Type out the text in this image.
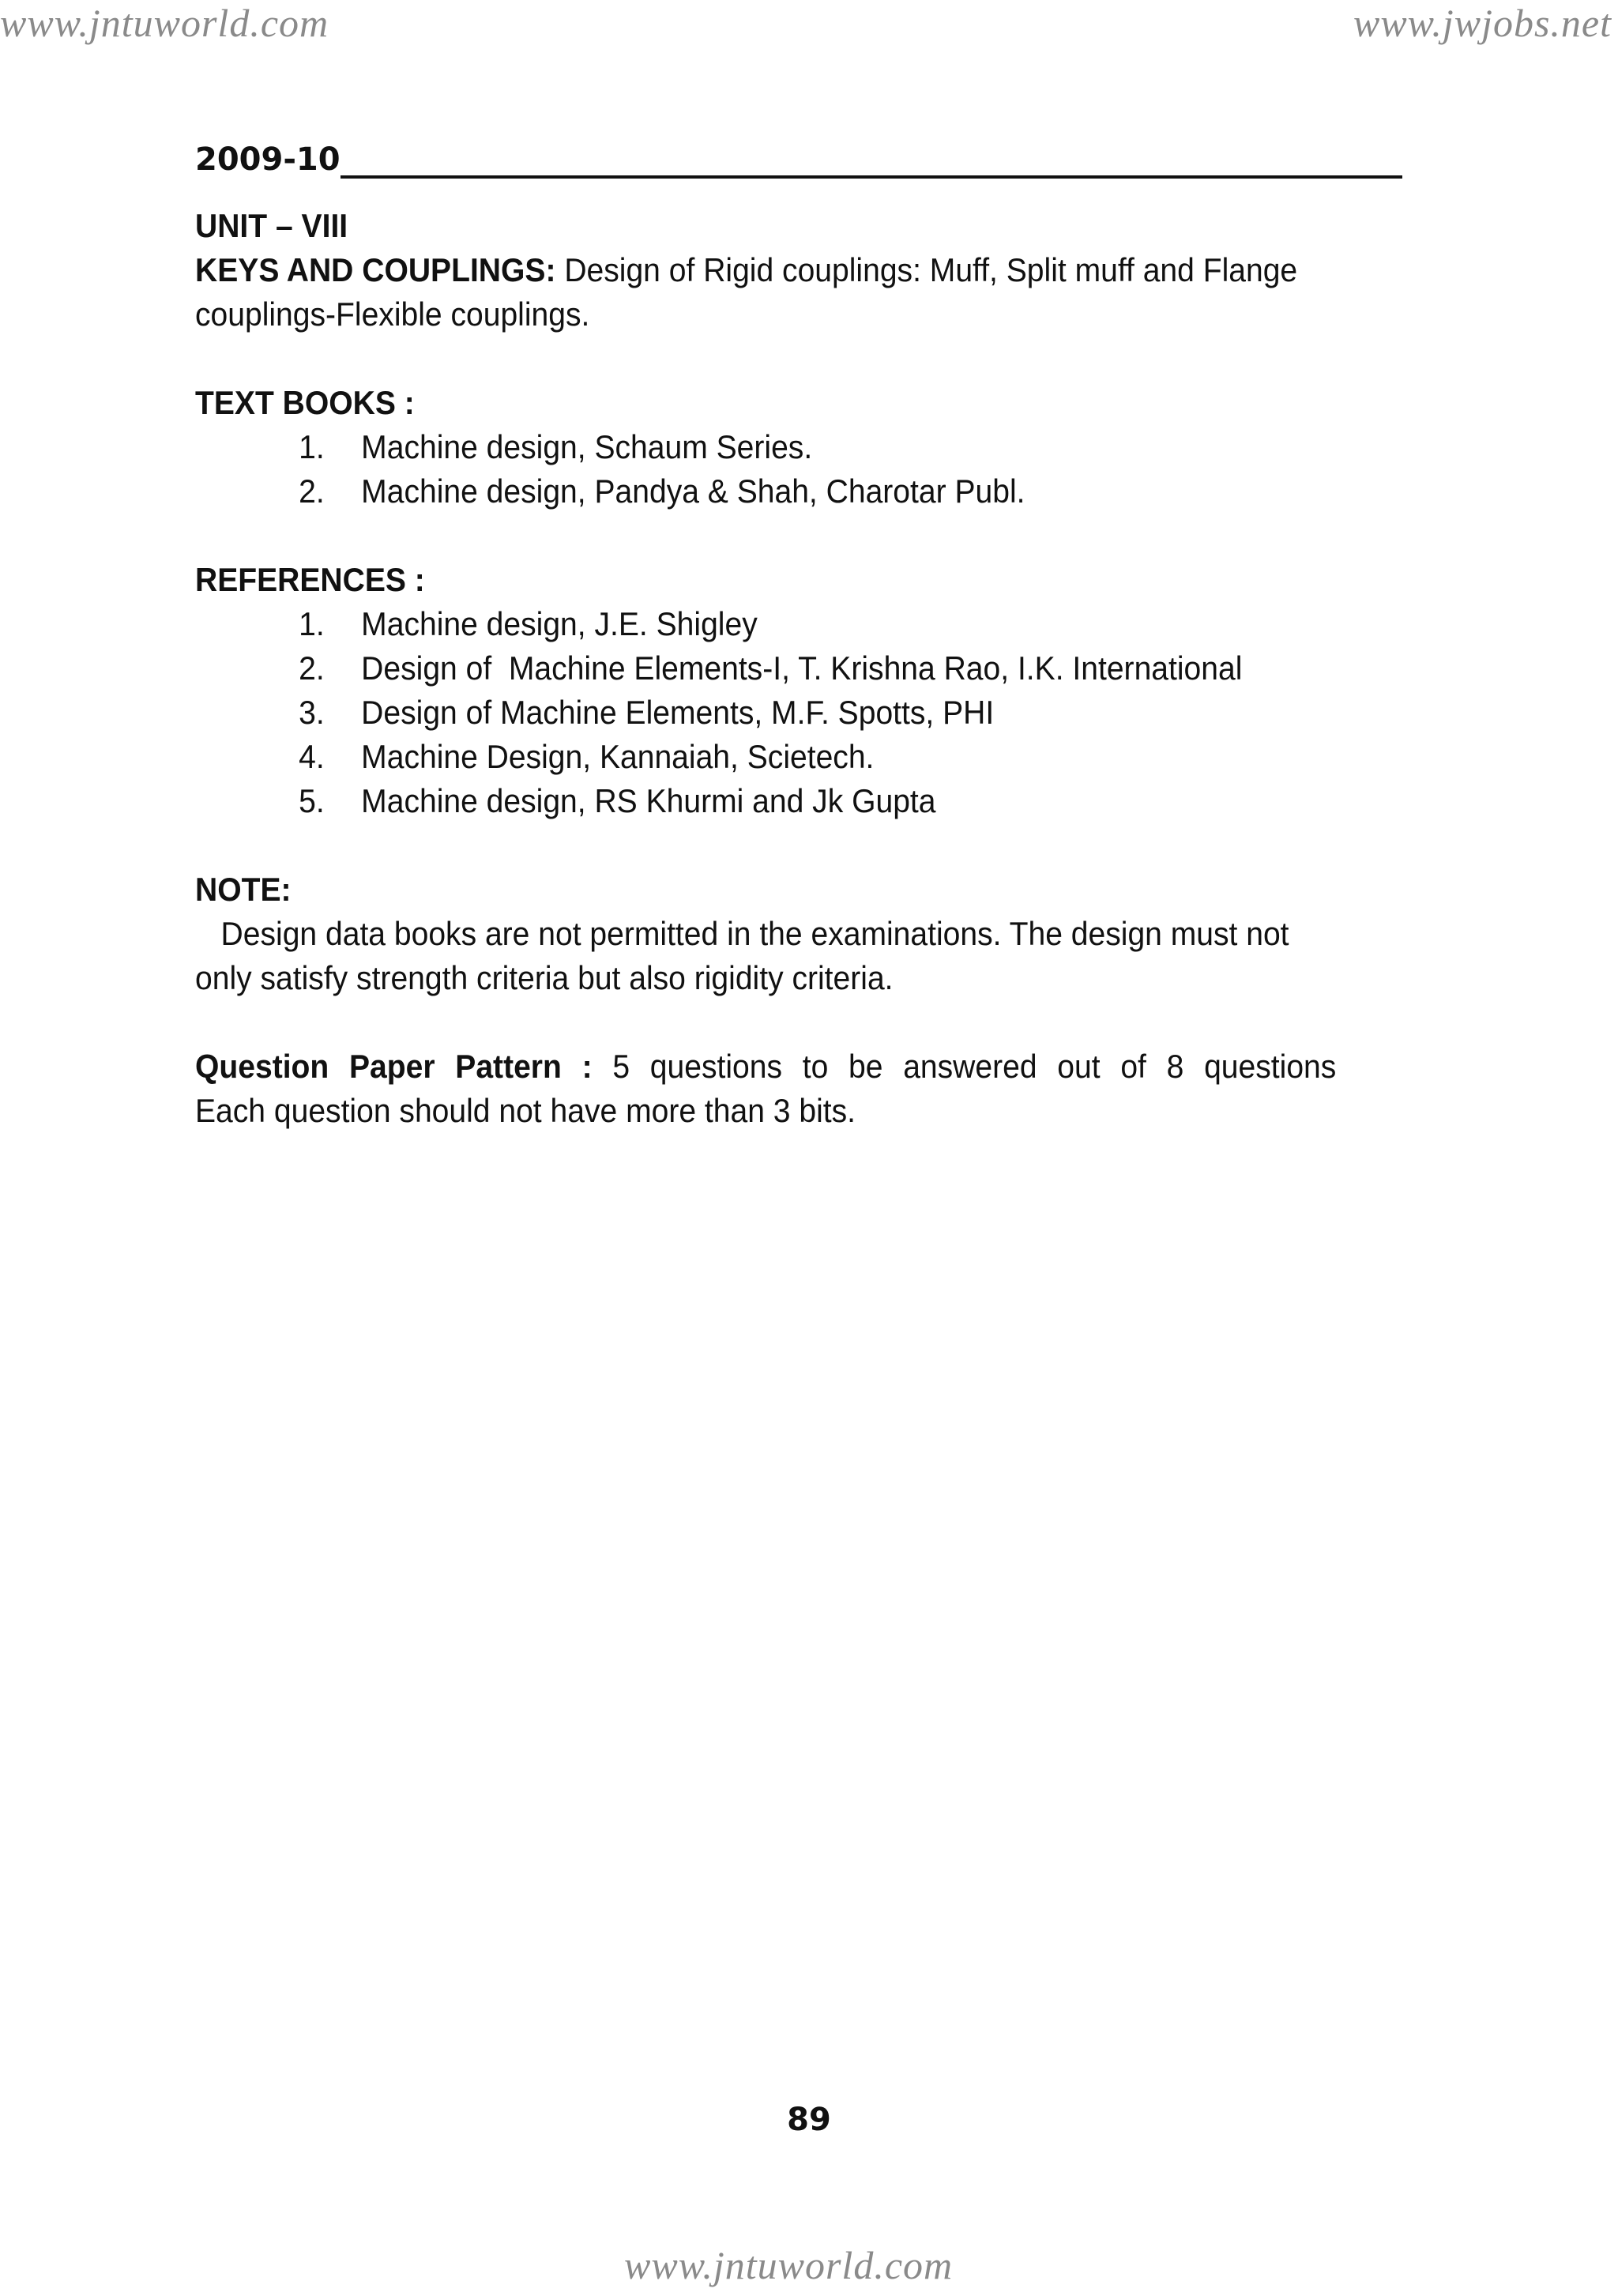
www.jntuworld.com	www.jwjobs.net
2009-10

UNIT – VIII

KEYS AND COUPLINGS: Design of Rigid couplings: Muff, Split muff and Flange

couplings-Flexible couplings.

TEXT BOOKS :

1. Machine design, Schaum Series.
2. Machine design, Pandya & Shah, Charotar Publ.

REFERENCES :

1. Machine design, J.E. Shigley
2. Design of  Machine Elements-I, T. Krishna Rao, I.K. International
3. Design of Machine Elements, M.F. Spotts, PHI
4. Machine Design, Kannaiah, Scietech.
5. Machine design, RS Khurmi and Jk Gupta

NOTE:   Design data books are not permitted in the examinations. The design must not

only satisfy strength criteria but also rigidity criteria.

Question Paper Pattern : 5 questions to be answered out of 8 questions

Each question should not have more than 3 bits.

89
www.jntuworld.com
